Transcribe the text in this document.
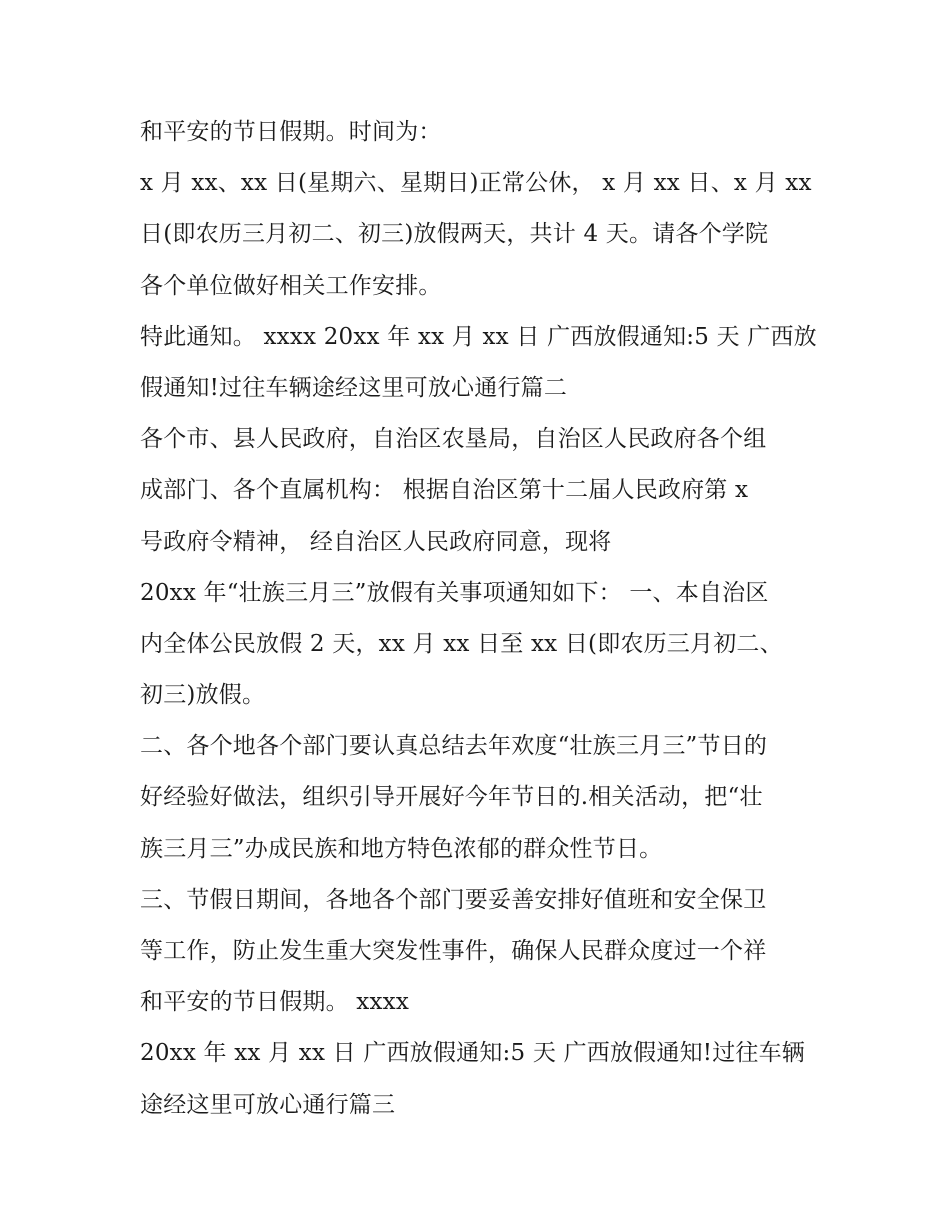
和平安的节日假期。时间为：
x 月 xx、xx 日(星期六、星期日)正常公休， x 月 xx 日、x 月 xx
日(即农历三月初二、初三)放假两天，共计 4 天。请各个学院
各个单位做好相关工作安排。
特此通知。 xxxx 20xx 年 xx 月 xx 日 广西放假通知:5 天 广西放
假通知!过往车辆途经这里可放心通行篇二
各个市、县人民政府，自治区农垦局，自治区人民政府各个组
成部门、各个直属机构： 根据自治区第十二届人民政府第 x
号政府令精神， 经自治区人民政府同意，现将
20xx 年“壮族三月三”放假有关事项通知如下： 一、本自治区
内全体公民放假 2 天，xx 月 xx 日至 xx 日(即农历三月初二、
初三)放假。
二、各个地各个部门要认真总结去年欢度“壮族三月三”节日的
好经验好做法，组织引导开展好今年节日的.相关活动，把“壮
族三月三”办成民族和地方特色浓郁的群众性节日。
三、节假日期间，各地各个部门要妥善安排好值班和安全保卫
等工作，防止发生重大突发性事件，确保人民群众度过一个祥
和平安的节日假期。 xxxx
20xx 年 xx 月 xx 日 广西放假通知:5 天 广西放假通知!过往车辆
途经这里可放心通行篇三
